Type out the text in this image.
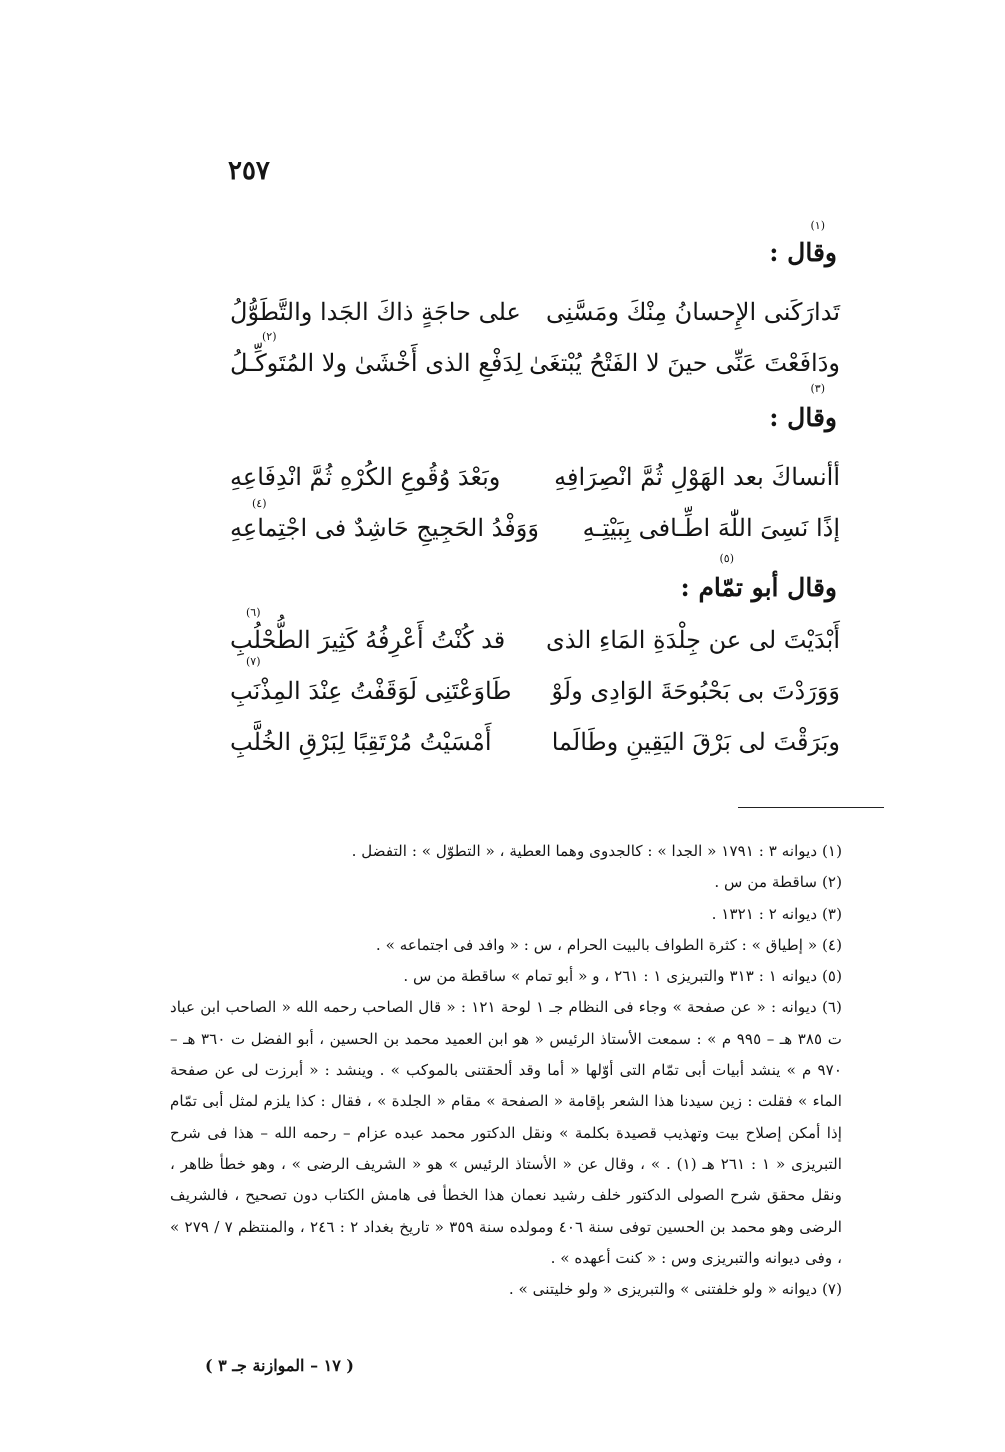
٢٥٧
(١)
وقال :
تَدارَكَنى الإِحسانُ مِنْكَ ومَسَّنِى
على حاجَةٍ ذاكَ الجَدا والتَّطَوُّلُ
ودَافَعْتَ عَنِّى حينَ لا الفَتْحُ يُبْتغَىٰ
لِدَفْعِ الذى أَخْشَىٰ ولا المُتَوكِّـلُ
(٢)
(٣)
وقال :
أأنساكَ بعد الهَوْلِ ثُمَّ انْصِرَافِهِ
وبَعْدَ وُقُوعِ الكُرْهِ ثُمَّ انْدِفَاعِهِ
إذًا نَسِىَ اللّٰهَ اطِّـافى بِبَيْتِـهِ
وَوَفْدُ الحَجِيجِ حَاشِدٌ فى اجْتِماعِهِ
(٤)
(٥)
وقال أبو تمّام :
(٦)
أَبْدَيْتَ لى عن جِلْدَةِ المَاءِ الذى
قد كُنْتُ أَعْرِفُهُ كَثِيرَ الطُّحْلُبِ
وَوَرَدْتَ بى بَحْبُوحَةَ الوَادِى ولَوْ
طَاوَعْتَنِى لَوَقَفْتُ عِنْدَ المِذْنَبِ
وبَرَقْتَ لى بَرْقَ اليَقِينِ وطَالَما
أَمْسَيْتُ مُرْتَقِبًا لِبَرْقِ الخُلَّبِ
(٧)

(١) ديوانه ٣ : ١٧٩١ « الجدا » : كالجدوى وهما العطية ، « التطوّل » : التفضل .

(٢) ساقطة من س .

(٣) ديوانه ٢ : ١٣٢١ .

(٤) « إطياق » : كثرة الطواف بالبيت الحرام ، س : « وافد فى اجتماعه » .

(٥) ديوانه ١ : ٣١٣ والتبريزى ١ : ٢٦١ ، و « أبو تمام » ساقطة من س .

(٦) ديوانه : « عن صفحة » وجاء فى النظام جـ ١ لوحة ١٢١ : « قال الصاحب رحمه الله « الصاحب ابن عباد ت ٣٨٥ هـ – ٩٩٥ م » : سمعت الأستاذ الرئيس « هو ابن العميد محمد بن الحسين ، أبو الفضل ت ٣٦٠ هـ – ٩٧٠ م » ينشد أبيات أبى تمّام التى أوّلها « أما وقد ألحقتنى بالموكب » . وينشد : « أبرزت لى عن صفحة الماء » فقلت : زين سيدنا هذا الشعر بإقامة « الصفحة » مقام « الجلدة » ، فقال : كذا يلزم لمثل أبى تمّام إذا أمكن إصلاح بيت وتهذيب قصيدة بكلمة » ونقل الدكتور محمد عبده عزام – رحمه الله – هذا فى شرح التبريزى « ١ : ٢٦١ هـ (١) . » ، وقال عن « الأستاذ الرئيس » هو « الشريف الرضى » ، وهو خطأ ظاهر ، ونقل محقق شرح الصولى الدكتور خلف رشيد نعمان هذا الخطأ فى هامش الكتاب دون تصحيح ، فالشريف الرضى وهو محمد بن الحسين توفى سنة ٤٠٦ ومولده سنة ٣٥٩ « تاريخ بغداد ٢ : ٢٤٦ ، والمنتظم ٧ / ٢٧٩ » ، وفى ديوانه والتبريزى وس : « كنت أعهده » .

(٧) ديوانه « ولو خلفتنى » والتبريزى « ولو خليتنى » .

( ١٧ – الموازنة جـ ٣ )
